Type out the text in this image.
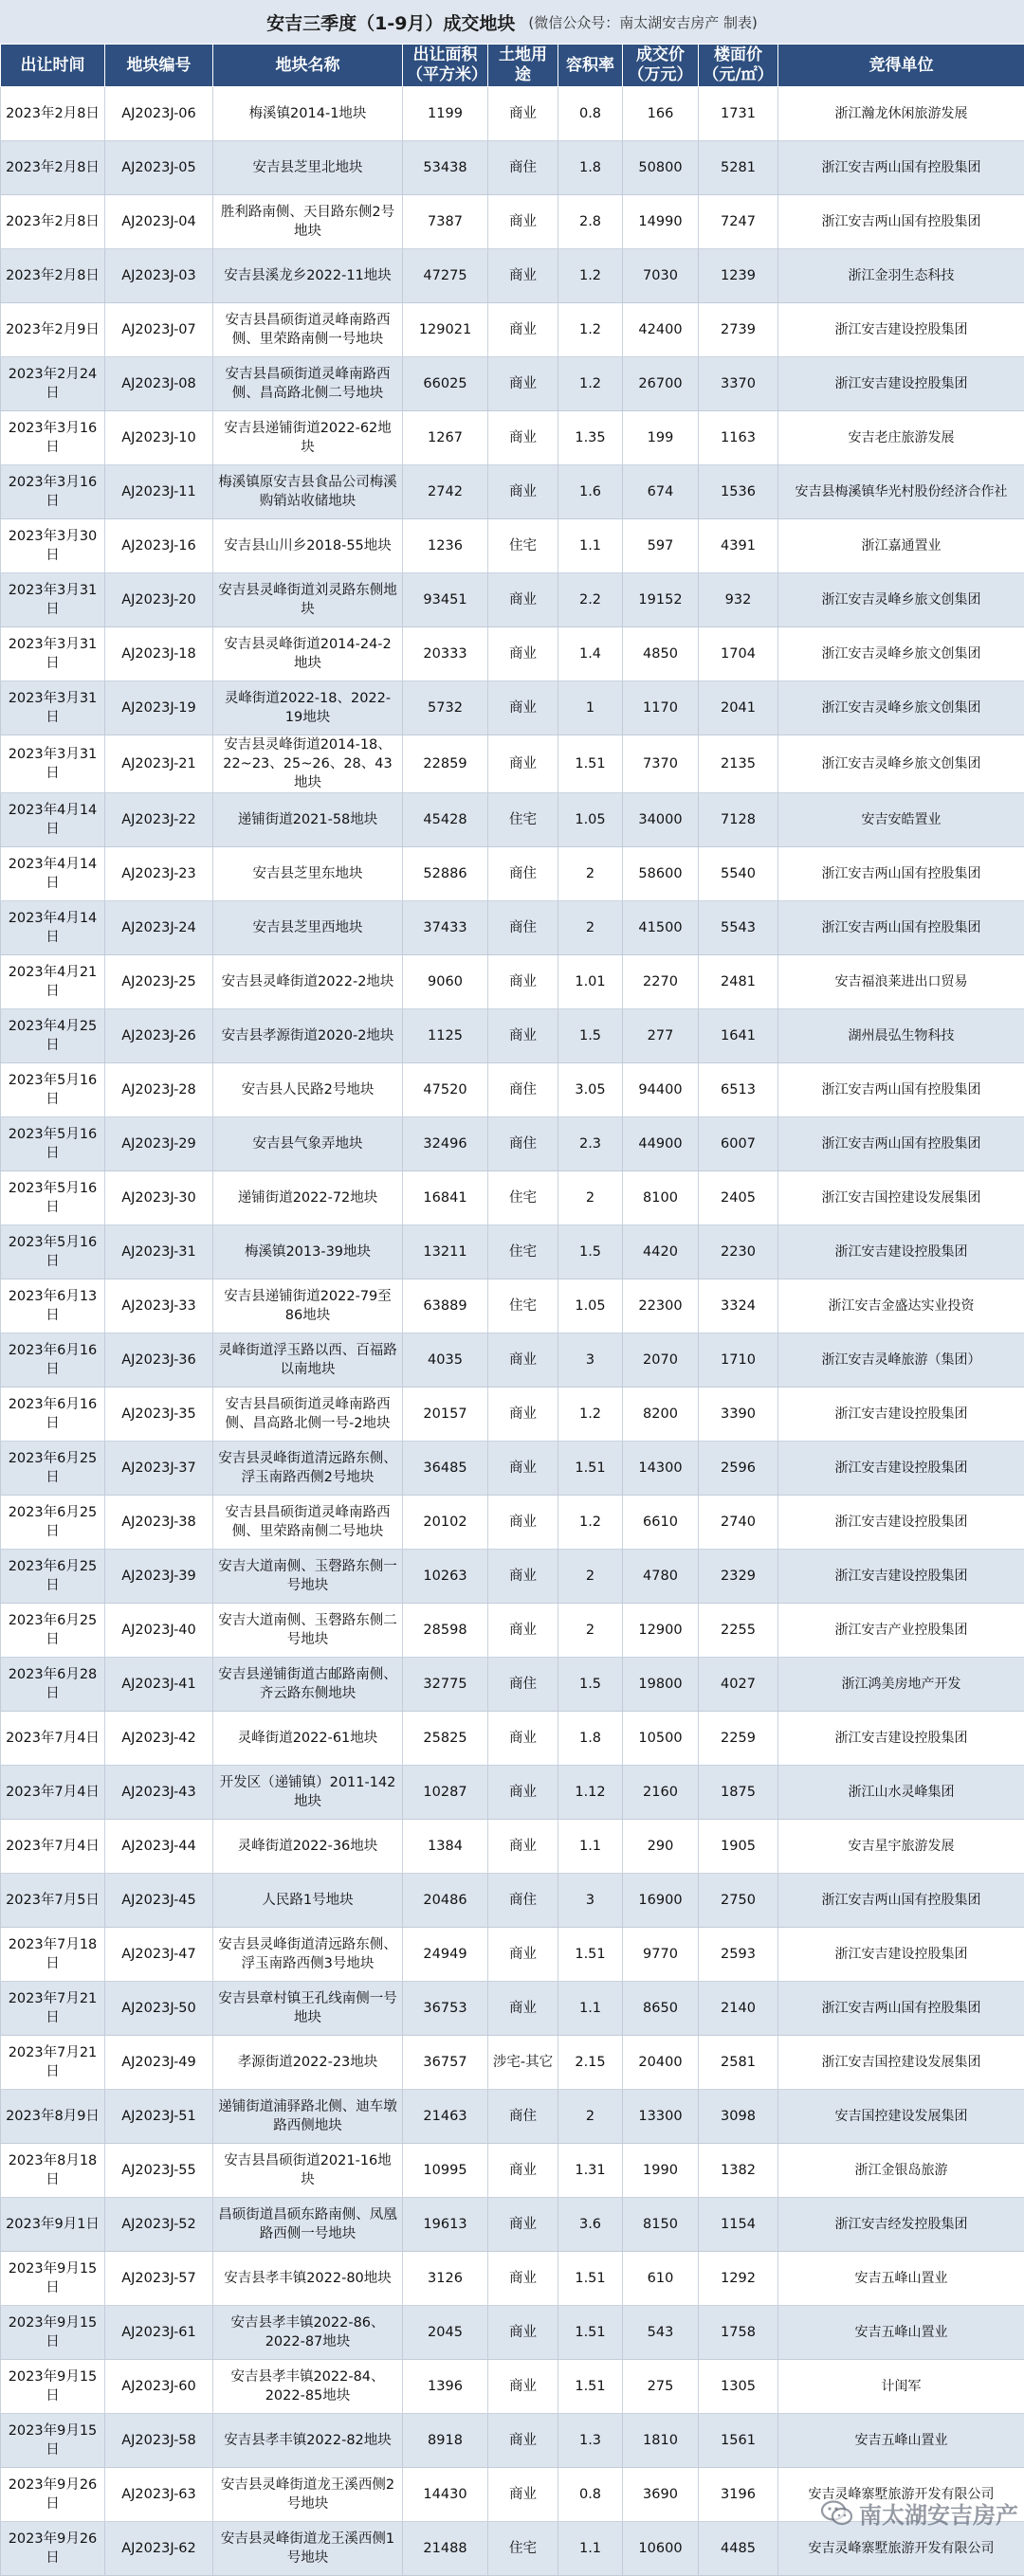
安吉三季度（1-9月）成交地块 (微信公众号：南太湖安吉房产 制表)
出让时间	地块编号	地块名称	出让面积（平方米）	土地用途	容积率	成交价（万元）	楼面价（元/㎡）	竞得单位
2023年2月8日	AJ2023J-06	梅溪镇2014-1地块	1199	商业	0.8	166	1731	浙江瀚龙休闲旅游发展
2023年2月8日	AJ2023J-05	安吉县芝里北地块	53438	商住	1.8	50800	5281	浙江安吉两山国有控股集团
2023年2月8日	AJ2023J-04	胜利路南侧、天目路东侧2号地块	7387	商业	2.8	14990	7247	浙江安吉两山国有控股集团
2023年2月8日	AJ2023J-03	安吉县溪龙乡2022-11地块	47275	商业	1.2	7030	1239	浙江金羽生态科技
2023年2月9日	AJ2023J-07	安吉县昌硕街道灵峰南路西侧、里荣路南侧一号地块	129021	商业	1.2	42400	2739	浙江安吉建设控股集团
2023年2月24日	AJ2023J-08	安吉县昌硕街道灵峰南路西侧、昌高路北侧二号地块	66025	商业	1.2	26700	3370	浙江安吉建设控股集团
2023年3月16日	AJ2023J-10	安吉县递铺街道2022-62地块	1267	商业	1.35	199	1163	安吉老庄旅游发展
2023年3月16日	AJ2023J-11	梅溪镇原安吉县食品公司梅溪购销站收储地块	2742	商业	1.6	674	1536	安吉县梅溪镇华光村股份经济合作社
2023年3月30日	AJ2023J-16	安吉县山川乡2018-55地块	1236	住宅	1.1	597	4391	浙江嘉通置业
2023年3月31日	AJ2023J-20	安吉县灵峰街道刘灵路东侧地块	93451	商业	2.2	19152	932	浙江安吉灵峰乡旅文创集团
2023年3月31日	AJ2023J-18	安吉县灵峰街道2014-24-2地块	20333	商业	1.4	4850	1704	浙江安吉灵峰乡旅文创集团
2023年3月31日	AJ2023J-19	灵峰街道2022-18、2022-19地块	5732	商业	1	1170	2041	浙江安吉灵峰乡旅文创集团
2023年3月31日	AJ2023J-21	安吉县灵峰街道2014-18、22~23、25~26、28、43地块	22859	商业	1.51	7370	2135	浙江安吉灵峰乡旅文创集团
2023年4月14日	AJ2023J-22	递铺街道2021-58地块	45428	住宅	1.05	34000	7128	安吉安皓置业
2023年4月14日	AJ2023J-23	安吉县芝里东地块	52886	商住	2	58600	5540	浙江安吉两山国有控股集团
2023年4月14日	AJ2023J-24	安吉县芝里西地块	37433	商住	2	41500	5543	浙江安吉两山国有控股集团
2023年4月21日	AJ2023J-25	安吉县灵峰街道2022-2地块	9060	商业	1.01	2270	2481	安吉福浪莱进出口贸易
2023年4月25日	AJ2023J-26	安吉县孝源街道2020-2地块	1125	商业	1.5	277	1641	湖州晨弘生物科技
2023年5月16日	AJ2023J-28	安吉县人民路2号地块	47520	商住	3.05	94400	6513	浙江安吉两山国有控股集团
2023年5月16日	AJ2023J-29	安吉县气象弄地块	32496	商住	2.3	44900	6007	浙江安吉两山国有控股集团
2023年5月16日	AJ2023J-30	递铺街道2022-72地块	16841	住宅	2	8100	2405	浙江安吉国控建设发展集团
2023年5月16日	AJ2023J-31	梅溪镇2013-39地块	13211	住宅	1.5	4420	2230	浙江安吉建设控股集团
2023年6月13日	AJ2023J-33	安吉县递铺街道2022-79至86地块	63889	住宅	1.05	22300	3324	浙江安吉金盛达实业投资
2023年6月16日	AJ2023J-36	灵峰街道浮玉路以西、百福路以南地块	4035	商业	3	2070	1710	浙江安吉灵峰旅游（集团）
2023年6月16日	AJ2023J-35	安吉县昌硕街道灵峰南路西侧、昌高路北侧一号-2地块	20157	商业	1.2	8200	3390	浙江安吉建设控股集团
2023年6月25日	AJ2023J-37	安吉县灵峰街道清远路东侧、浮玉南路西侧2号地块	36485	商业	1.51	14300	2596	浙江安吉建设控股集团
2023年6月25日	AJ2023J-38	安吉县昌硕街道灵峰南路西侧、里荣路南侧二号地块	20102	商业	1.2	6610	2740	浙江安吉建设控股集团
2023年6月25日	AJ2023J-39	安吉大道南侧、玉磬路东侧一号地块	10263	商业	2	4780	2329	浙江安吉建设控股集团
2023年6月25日	AJ2023J-40	安吉大道南侧、玉磬路东侧二号地块	28598	商业	2	12900	2255	浙江安吉产业控股集团
2023年6月28日	AJ2023J-41	安吉县递铺街道古邮路南侧、齐云路东侧地块	32775	商住	1.5	19800	4027	浙江鸿美房地产开发
2023年7月4日	AJ2023J-42	灵峰街道2022-61地块	25825	商业	1.8	10500	2259	浙江安吉建设控股集团
2023年7月4日	AJ2023J-43	开发区（递铺镇）2011-142地块	10287	商业	1.12	2160	1875	浙江山水灵峰集团
2023年7月4日	AJ2023J-44	灵峰街道2022-36地块	1384	商业	1.1	290	1905	安吉星宇旅游发展
2023年7月5日	AJ2023J-45	人民路1号地块	20486	商住	3	16900	2750	浙江安吉两山国有控股集团
2023年7月18日	AJ2023J-47	安吉县灵峰街道清远路东侧、浮玉南路西侧3号地块	24949	商业	1.51	9770	2593	浙江安吉建设控股集团
2023年7月21日	AJ2023J-50	安吉县章村镇王孔线南侧一号地块	36753	商业	1.1	8650	2140	浙江安吉两山国有控股集团
2023年7月21日	AJ2023J-49	孝源街道2022-23地块	36757	涉宅-其它	2.15	20400	2581	浙江安吉国控建设发展集团
2023年8月9日	AJ2023J-51	递铺街道浦驿路北侧、迪车墩路西侧地块	21463	商住	2	13300	3098	安吉国控建设发展集团
2023年8月18日	AJ2023J-55	安吉县昌硕街道2021-16地块	10995	商业	1.31	1990	1382	浙江金银岛旅游
2023年9月1日	AJ2023J-52	昌硕街道昌硕东路南侧、凤凰路西侧一号地块	19613	商业	3.6	8150	1154	浙江安吉经发控股集团
2023年9月15日	AJ2023J-57	安吉县孝丰镇2022-80地块	3126	商业	1.51	610	1292	安吉五峰山置业
2023年9月15日	AJ2023J-61	安吉县孝丰镇2022-86、2022-87地块	2045	商业	1.51	543	1758	安吉五峰山置业
2023年9月15日	AJ2023J-60	安吉县孝丰镇2022-84、2022-85地块	1396	商业	1.51	275	1305	计闺军
2023年9月15日	AJ2023J-58	安吉县孝丰镇2022-82地块	8918	商业	1.3	1810	1561	安吉五峰山置业
2023年9月26日	AJ2023J-63	安吉县灵峰街道龙王溪西侧2号地块	14430	商业	0.8	3690	3196	安吉灵峰寨墅旅游开发有限公司
2023年9月26日	AJ2023J-62	安吉县灵峰街道龙王溪西侧1号地块	21488	住宅	1.1	10600	4485	安吉灵峰寨墅旅游开发有限公司
南太湖安吉房产
